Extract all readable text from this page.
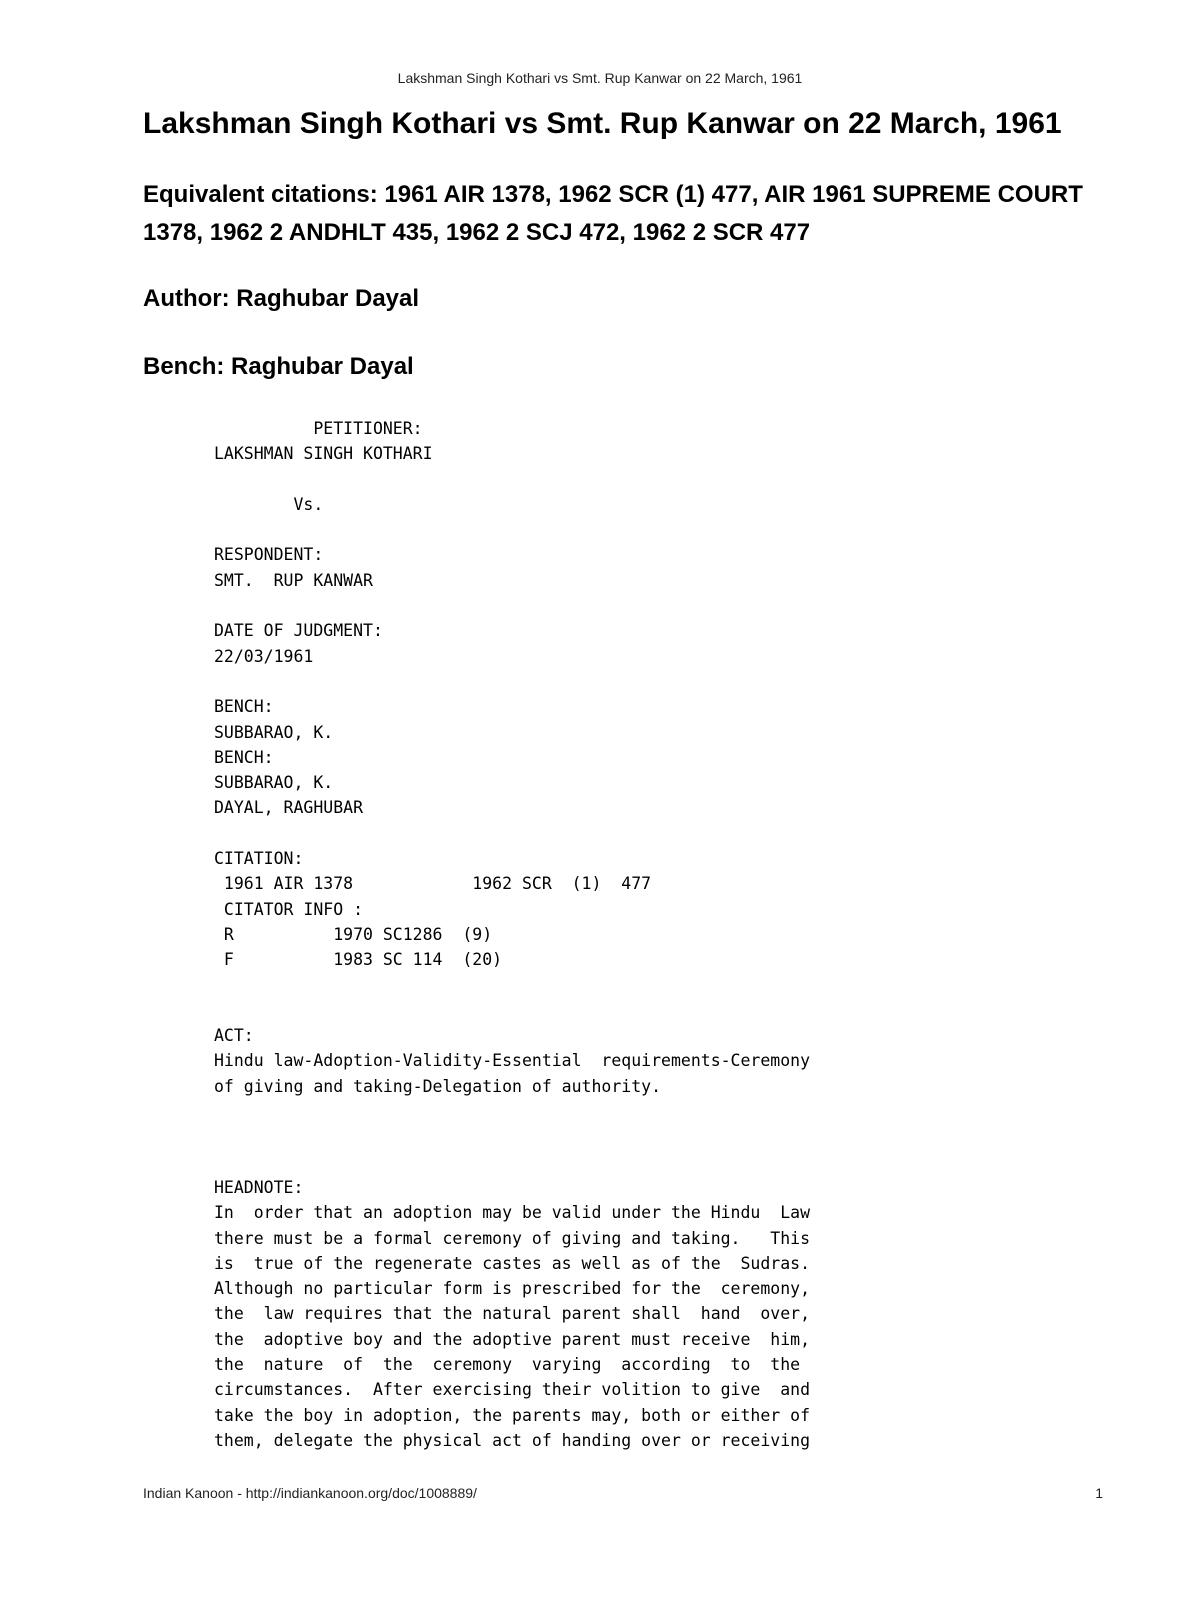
Lakshman Singh Kothari vs Smt. Rup Kanwar on 22 March, 1961
Lakshman Singh Kothari vs Smt. Rup Kanwar on 22 March, 1961
Equivalent citations: 1961 AIR 1378, 1962 SCR (1) 477, AIR 1961 SUPREME COURT 1378, 1962 2 ANDHLT 435, 1962 2 SCJ 472, 1962 2 SCR 477
Author: Raghubar Dayal
Bench: Raghubar Dayal
PETITIONER:
LAKSHMAN SINGH KOTHARI
Vs.
RESPONDENT:
SMT.  RUP KANWAR
DATE OF JUDGMENT:
22/03/1961
BENCH:
SUBBARAO, K.
BENCH:
SUBBARAO, K.
DAYAL, RAGHUBAR
CITATION:
1961 AIR 1378            1962 SCR  (1)  477
CITATOR INFO :
R          1970 SC1286  (9)
F          1983 SC 114  (20)
ACT:
Hindu law-Adoption-Validity-Essential  requirements-Ceremony
of giving and taking-Delegation of authority.
HEADNOTE:
In  order that an adoption may be valid under the Hindu  Law
there must be a formal ceremony of giving and taking.   This
is  true of the regenerate castes as well as of the  Sudras.
Although no particular form is prescribed for the  ceremony,
the  law requires that the natural parent shall  hand  over,
the  adoptive boy and the adoptive parent must receive  him,
the  nature  of  the  ceremony  varying  according  to  the
circumstances.  After exercising their volition to give  and
take the boy in adoption, the parents may, both or either of
them, delegate the physical act of handing over or receiving
Indian Kanoon - http://indiankanoon.org/doc/1008889/	1
